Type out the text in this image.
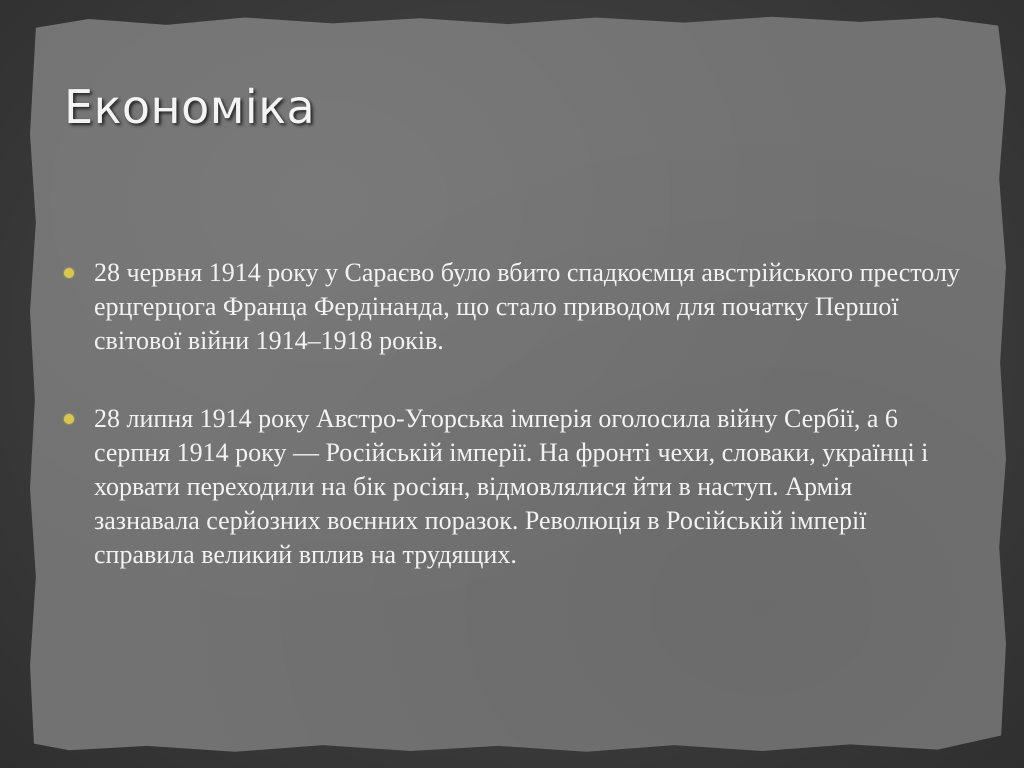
Економіка

28 червня 1914 року у Сараєво було вбито спадкоємця австрійського престолу ерцгерцога Франца Фердінанда, що стало приводом для початку Першої світової війни 1914–1918 років.

28 липня 1914 року Австро-Угорська імперія оголосила війну Сербії, а 6 серпня 1914 року — Російській імперії. На фронті чехи, словаки, українці і хорвати переходили на бік росіян, відмовлялися йти в наступ. Армія зазнавала серйозних воєнних поразок. Революція в Російській імперії справила великий вплив на трудящих.
